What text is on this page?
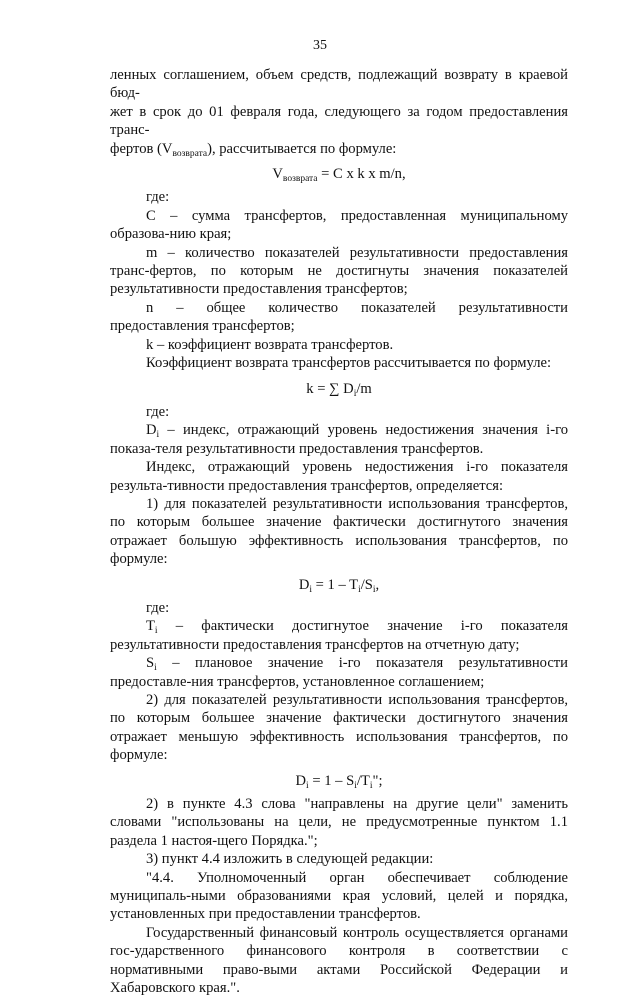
35

ленных соглашением, объем средств, подлежащий возврату в краевой бюд-

жет в срок до 01 февраля года, следующего за годом предоставления транс-

фертов $(V_{возврата})$, рассчитывается по формуле:

$V_{возврата} = C$ x k x m/n,

где:

C – сумма трансфертов, предоставленная муниципальному образова-нию края;

m – количество показателей результативности предоставления транс-фертов, по которым не достигнуты значения показателей результативности предоставления трансфертов;

n – общее количество показателей результативности предоставления трансфертов;

k – коэффициент возврата трансфертов.

Коэффициент возврата трансфертов рассчитывается по формуле:

k = ∑ $D_i/m$

где:

$D_i$ – индекс, отражающий уровень недостижения значения i-го показа-теля результативности предоставления трансфертов.

Индекс, отражающий уровень недостижения i-го показателя результа-тивности предоставления трансфертов, определяется:

1) для показателей результативности использования трансфертов, по которым большее значение фактически достигнутого значения отражает большую эффективность использования трансфертов, по формуле:

$D_i = 1 - T_i/S_i$,

где:

$T_i$ – фактически достигнутое значение i-го показателя результативности предоставления трансфертов на отчетную дату;

$S_i$ – плановое значение i-го показателя результативности предоставле-ния трансфертов, установленное соглашением;

2) для показателей результативности использования трансфертов, по которым большее значение фактически достигнутого значения отражает меньшую эффективность использования трансфертов, по формуле:

$D_i = 1 - S_i/T_i$";

2) в пункте 4.3 слова "направлены на другие цели" заменить словами "использованы на цели, не предусмотренные пунктом 1.1 раздела 1 настоя-щего Порядка.";

3) пункт 4.4 изложить в следующей редакции:

"4.4. Уполномоченный орган обеспечивает соблюдение муниципаль-ными образованиями края условий, целей и порядка, установленных при предоставлении трансфертов.

Государственный финансовый контроль осуществляется органами гос-ударственного финансового контроля в соответствии с нормативными право-выми актами Российской Федерации и Хабаровского края.".
